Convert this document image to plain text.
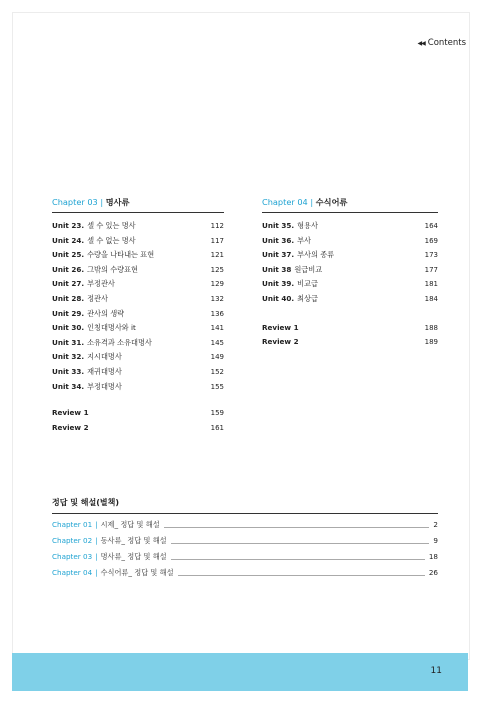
◀◀ Contents
Chapter 03 | 명사류
Unit 23. 셀 수 있는 명사	112
Unit 24. 셀 수 없는 명사	117
Unit 25. 수량을 나타내는 표현	121
Unit 26. 그밖의 수량표현	125
Unit 27. 부정관사	129
Unit 28. 정관사	132
Unit 29. 관사의 생략	136
Unit 30. 인칭대명사와 it	141
Unit 31. 소유격과 소유대명사	145
Unit 32. 지시대명사	149
Unit 33. 재귀대명사	152
Unit 34. 부정대명사	155
Review 1	159
Review 2	161
Chapter 04 | 수식어류
Unit 35. 형용사	164
Unit 36. 부사	169
Unit 37. 부사의 종류	173
Unit 38 원급비교	177
Unit 39. 비교급	181
Unit 40. 최상급	184
Review 1	188
Review 2	189
정답 및 해설(별책)
Chapter 01 | 시제_ 정답 및 해설	2
Chapter 02 | 동사류_ 정답 및 해설	9
Chapter 03 | 명사류_ 정답 및 해설	18
Chapter 04 | 수식어류_ 정답 및 해설	26
11
